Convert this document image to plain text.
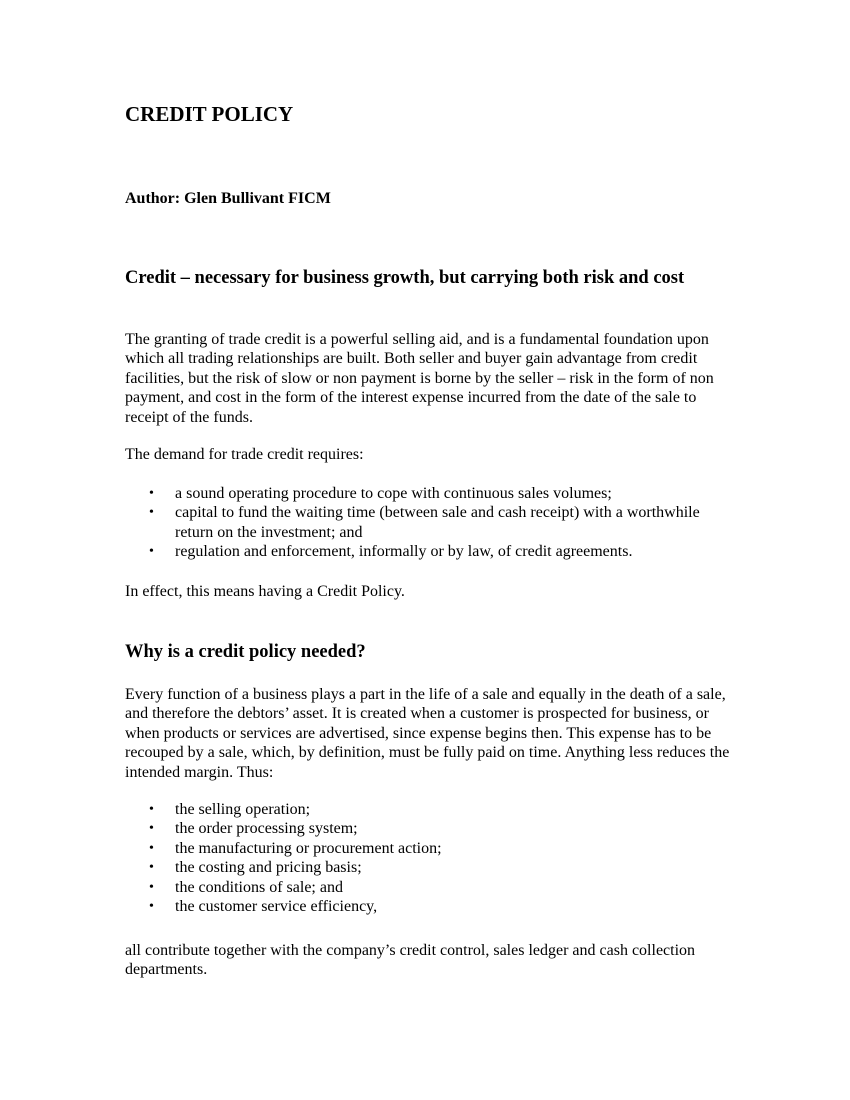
CREDIT POLICY

Author: Glen Bullivant FICM

Credit – necessary for business growth, but carrying both risk and cost

The granting of trade credit is a powerful selling aid, and is a fundamental foundation upon which all trading relationships are built. Both seller and buyer gain advantage from credit facilities, but the risk of slow or non payment is borne by the seller – risk in the form of non payment, and cost in the form of the interest expense incurred from the date of the sale to receipt of the funds.

The demand for trade credit requires:

• a sound operating procedure to cope with continuous sales volumes;
• capital to fund the waiting time (between sale and cash receipt) with a worthwhile return on the investment; and
• regulation and enforcement, informally or by law, of credit agreements.

In effect, this means having a Credit Policy.

Why is a credit policy needed?

Every function of a business plays a part in the life of a sale and equally in the death of a sale, and therefore the debtors’ asset. It is created when a customer is prospected for business, or when products or services are advertised, since expense begins then. This expense has to be recouped by a sale, which, by definition, must be fully paid on time. Anything less reduces the intended margin. Thus:

• the selling operation;
• the order processing system;
• the manufacturing or procurement action;
• the costing and pricing basis;
• the conditions of sale; and
• the customer service efficiency,

all contribute together with the company’s credit control, sales ledger and cash collection departments.
